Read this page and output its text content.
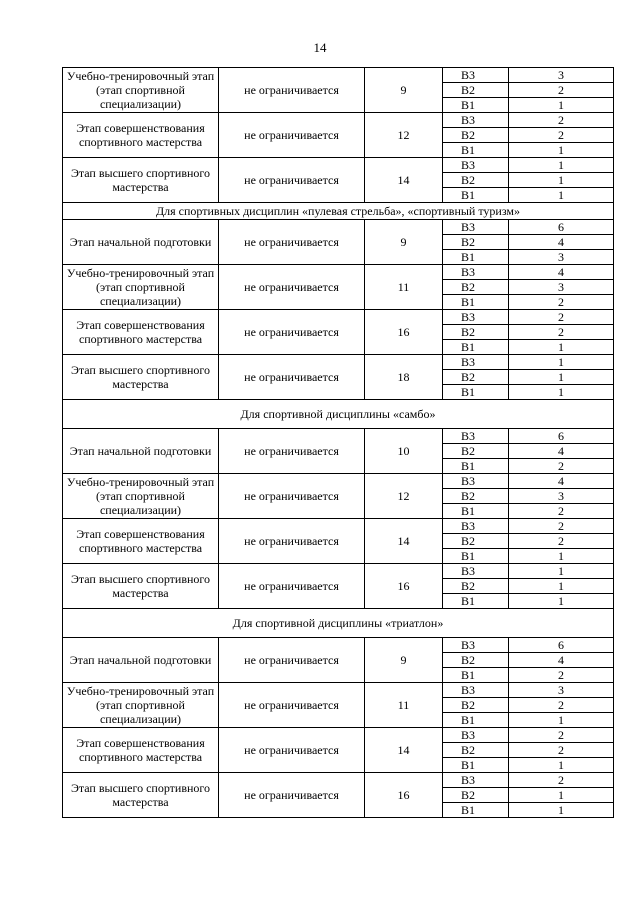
14
Учебно-тренировочный этап (этап спортивной специализации)	не ограничивается	9	В3	3
			В2	2
			В1	1
Этап совершенствования спортивного мастерства	не ограничивается	12	В3	2
			В2	2
			В1	1
Этап высшего спортивного мастерства	не ограничивается	14	В3	1
			В2	1
			В1	1
Для спортивных дисциплин «пулевая стрельба», «спортивный туризм»				
Этап начальной подготовки	не ограничивается	9	В3	6
			В2	4
			В1	3
Учебно-тренировочный этап (этап спортивной специализации)	не ограничивается	11	В3	4
			В2	3
			В1	2
Этап совершенствования спортивного мастерства	не ограничивается	16	В3	2
			В2	2
			В1	1
Этап высшего спортивного мастерства	не ограничивается	18	В3	1
			В2	1
			В1	1
Для спортивной дисциплины «самбо»				
Этап начальной подготовки	не ограничивается	10	В3	6
			В2	4
			В1	2
Учебно-тренировочный этап (этап спортивной специализации)	не ограничивается	12	В3	4
			В2	3
			В1	2
Этап совершенствования спортивного мастерства	не ограничивается	14	В3	2
			В2	2
			В1	1
Этап высшего спортивного мастерства	не ограничивается	16	В3	1
			В2	1
			В1	1
Для спортивной дисциплины «триатлон»				
Этап начальной подготовки	не ограничивается	9	В3	6
			В2	4
			В1	2
Учебно-тренировочный этап (этап спортивной специализации)	не ограничивается	11	В3	3
			В2	2
			В1	1
Этап совершенствования спортивного мастерства	не ограничивается	14	В3	2
			В2	2
			В1	1
Этап высшего спортивного мастерства	не ограничивается	16	В3	2
			В2	1
			В1	1
